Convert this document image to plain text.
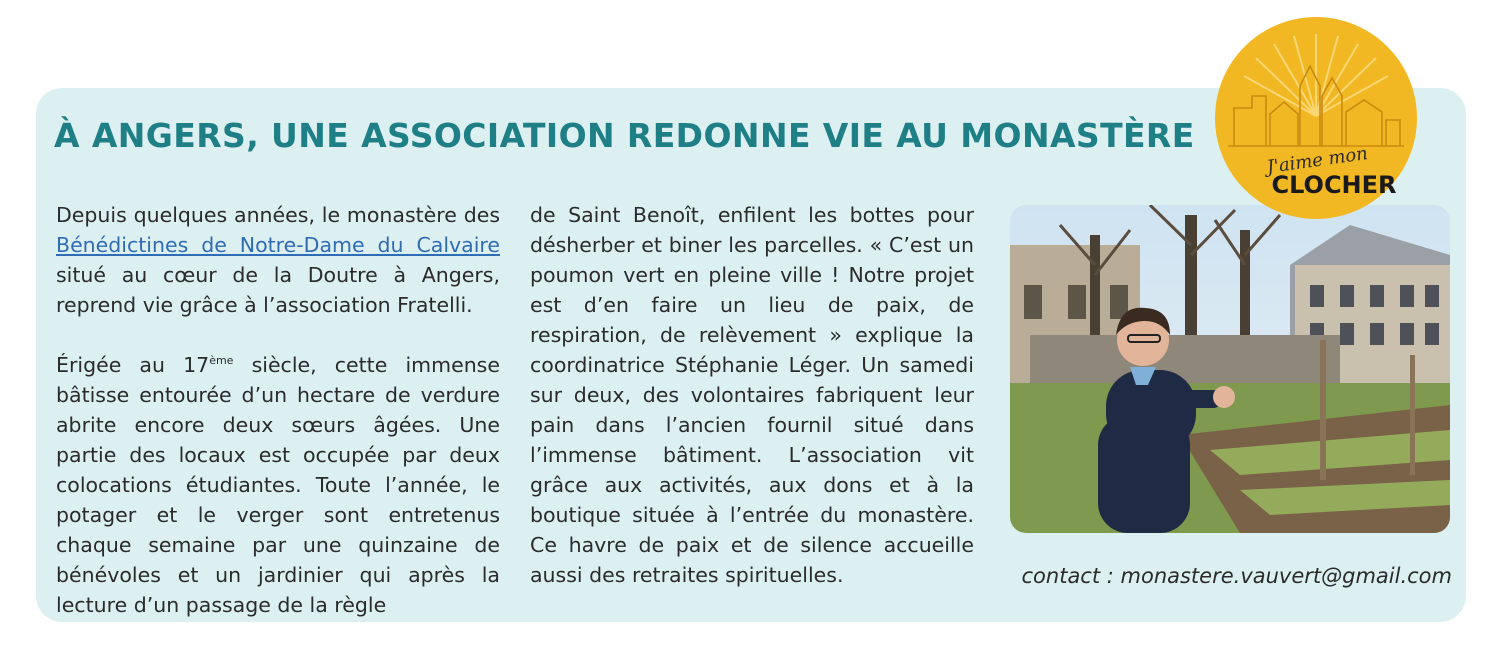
À ANGERS, UNE ASSOCIATION REDONNE VIE AU MONASTÈRE

Depuis quelques années, le monastère des Bénédictines de Notre-Dame du Calvaire situé au cœur de la Doutre à Angers, reprend vie grâce à l’association Fratelli.

Érigée au 17ème siècle, cette immense bâtisse entourée d’un hectare de verdure abrite encore deux sœurs âgées. Une partie des locaux est occupée par deux colocations étudiantes. Toute l’année, le potager et le verger sont entretenus chaque semaine par une quinzaine de bénévoles et un jardinier qui après la lecture d’un passage de la règle

de Saint Benoît, enfilent les bottes pour désherber et biner les parcelles. « C’est un poumon vert en pleine ville ! Notre projet est d’en faire un lieu de paix, de respiration, de relèvement » explique la coordinatrice Stéphanie Léger. Un samedi sur deux, des volontaires fabriquent leur pain dans l’ancien fournil situé dans l’immense bâtiment. L’association vit grâce aux activités, aux dons et à la boutique située à l’entrée du monastère. Ce havre de paix et de silence accueille aussi des retraites spirituelles.	contact : monastere.vauvert@gmail.com
J'aime mon
CLOCHER
